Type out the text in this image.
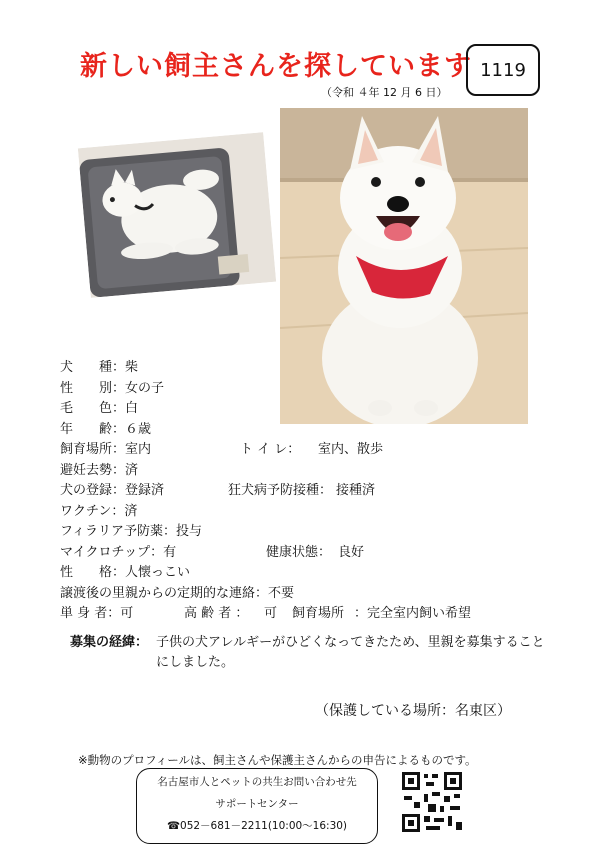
新しい飼主さんを探しています 1119
（令和 ４年 12 月 6 日）
犬　　種：柴
性　　別：女の子
毛　　色：白
年　　齢：６歳
飼育場所：室内	ト イ レ： 室内、散歩
避妊去勢：済
犬の登録：登録済	狂犬病予防接種： 接種済
ワクチン：済
フィラリア予防薬：投与
マイクロチップ：有	健康状態： 良好
性　　格：人懐っこい
譲渡後の里親からの定期的な連絡：不要
単 身 者：可	高 齢 者 ： 可 飼育場所 ：完全室内飼い希望
募集の経緯： 子供の犬アレルギーがひどくなってきたため、里親を募集することにしました。
（保護している場所：名東区）
※動物のプロフィールは、飼主さんや保護主さんからの申告によるものです。
名古屋市人とペットの共生お問い合わせ先
サポートセンター
☎052－681－2211(10:00～16:30)
